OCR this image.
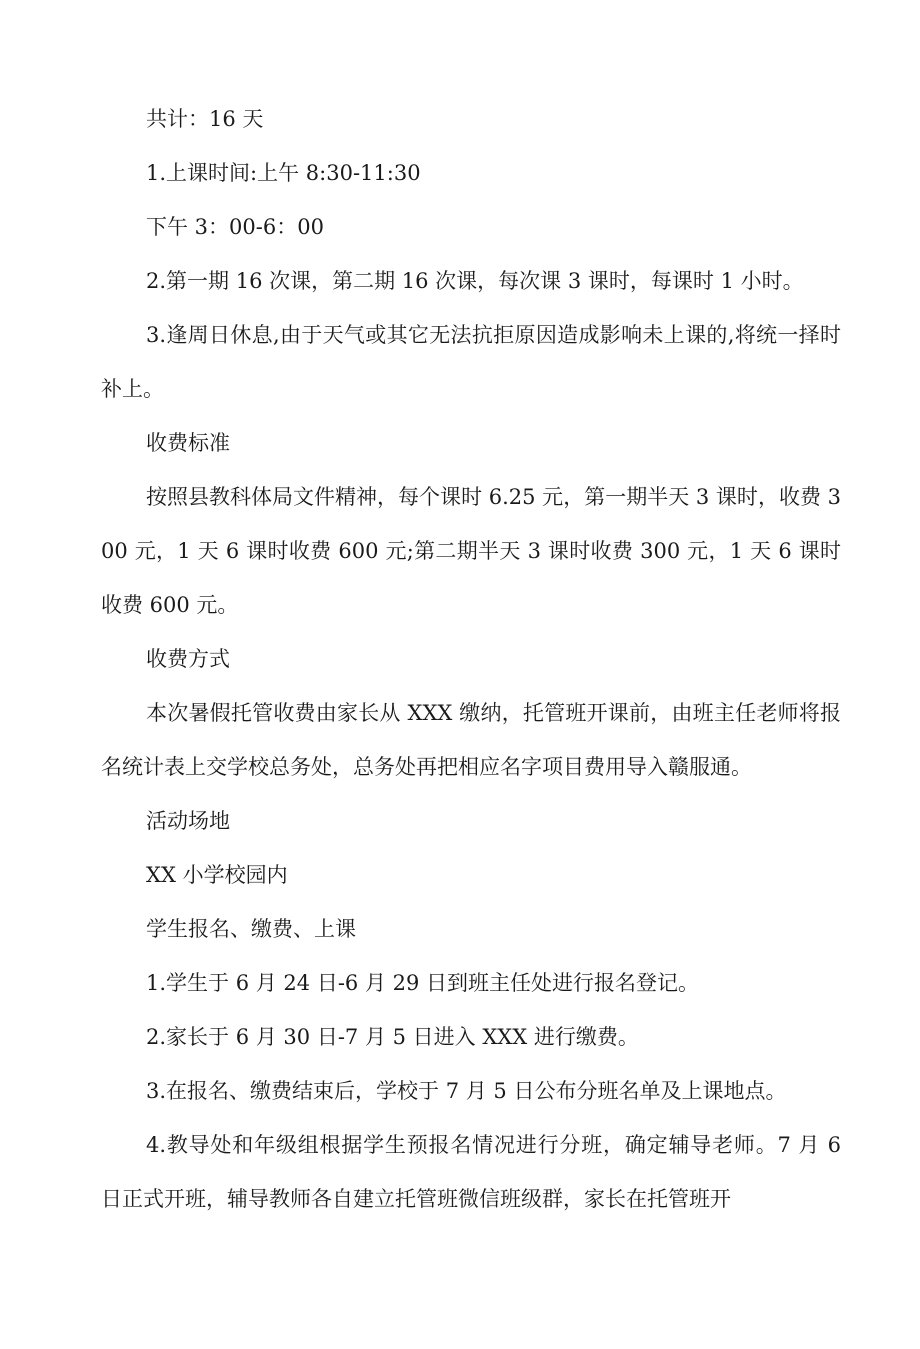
共计：16 天

1.上课时间:上午 8:30-11:30

下午 3：00-6：00

2.第一期 16 次课，第二期 16 次课，每次课 3 课时，每课时 1 小时。

3.逢周日休息,由于天气或其它无法抗拒原因造成影响未上课的,将统一择时补上。

收费标准

按照县教科体局文件精神，每个课时 6.25 元，第一期半天 3 课时，收费 300 元，1 天 6 课时收费 600 元;第二期半天 3 课时收费 300 元，1 天 6 课时收费 600 元。

收费方式

本次暑假托管收费由家长从 XXX 缴纳，托管班开课前，由班主任老师将报名统计表上交学校总务处，总务处再把相应名字项目费用导入赣服通。

活动场地

XX 小学校园内

学生报名、缴费、上课

1.学生于 6 月 24 日-6 月 29 日到班主任处进行报名登记。

2.家长于 6 月 30 日-7 月 5 日进入 XXX 进行缴费。

3.在报名、缴费结束后，学校于 7 月 5 日公布分班名单及上课地点。

4.教导处和年级组根据学生预报名情况进行分班，确定辅导老师。7 月 6 日正式开班，辅导教师各自建立托管班微信班级群，家长在托管班开
